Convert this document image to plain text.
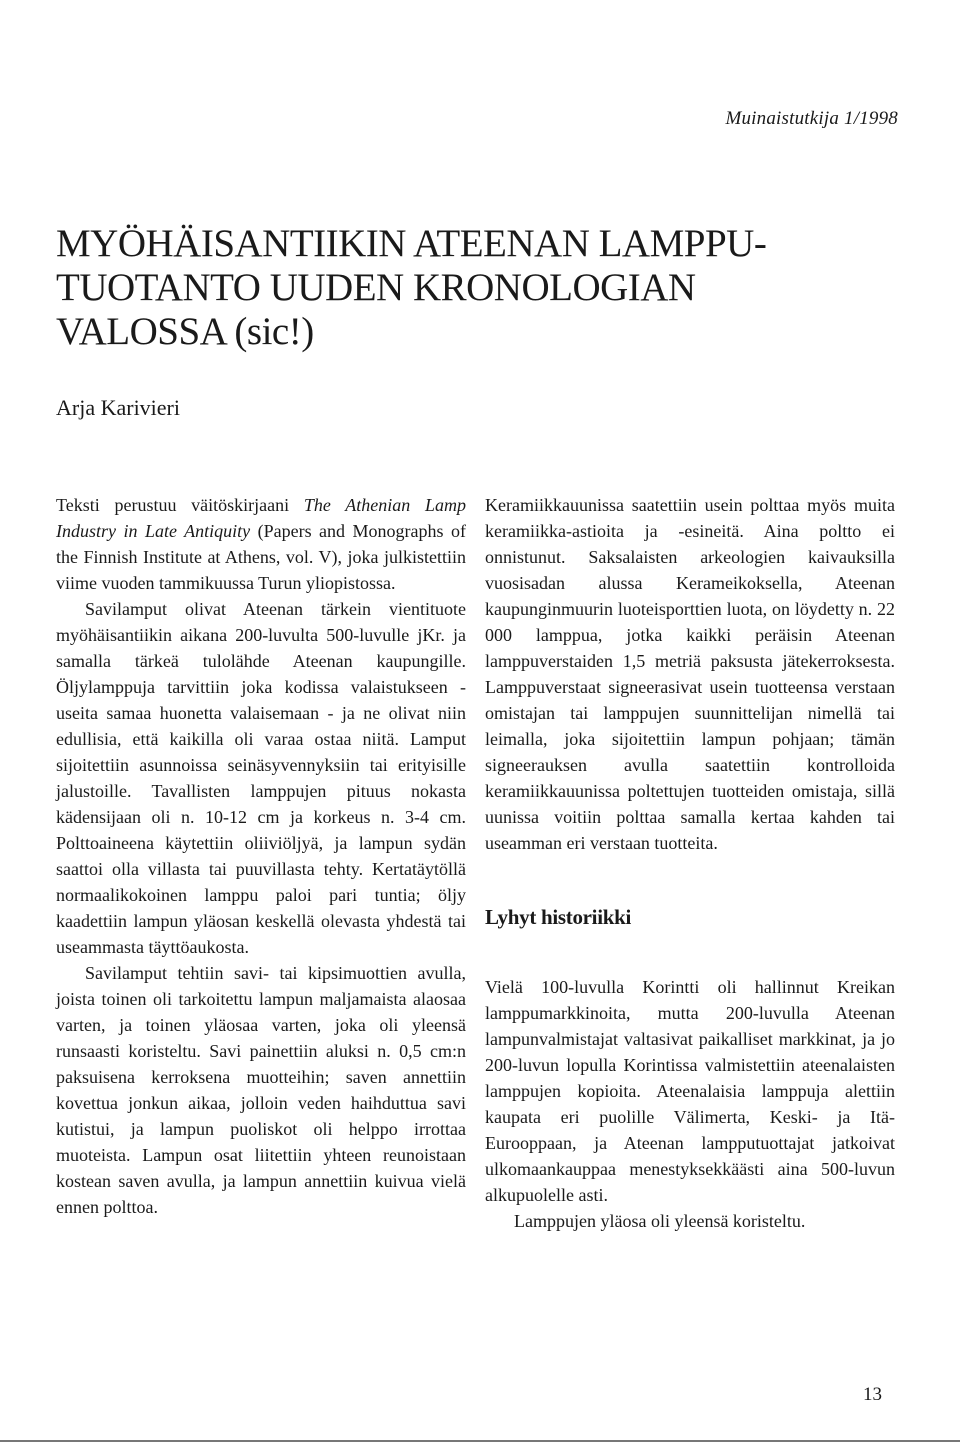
Muinaistutkija 1/1998
MYÖHÄISANTIIKIN ATEENAN LAMPPU-
TUOTANTO UUDEN KRONOLOGIAN
VALOSSA (sic!)
Arja Karivieri

Teksti perustuu väitöskirjaani The Athenian Lamp Industry in Late Antiquity (Papers and Monographs of the Finnish Institute at Athens, vol. V), joka julkistettiin viime vuoden tammikuussa Turun yliopistossa.

Savilamput olivat Ateenan tärkein vientituote myöhäisantiikin aikana 200-luvulta 500-luvulle jKr. ja samalla tärkeä tulolähde Ateenan kaupungille. Öljylamppuja tarvittiin joka kodissa valaistukseen - useita samaa huonetta valaisemaan - ja ne olivat niin edullisia, että kaikilla oli varaa ostaa niitä. Lamput sijoitettiin asunnoissa seinäsyvennyksiin tai erityisille jalustoille. Tavallisten lamppujen pituus nokasta kädensijaan oli n. 10-12 cm ja korkeus n. 3-4 cm. Polttoaineena käytettiin oliiviöljyä, ja lampun sydän saattoi olla villasta tai puuvillasta tehty. Kertatäytöllä normaalikokoinen lamppu paloi pari tuntia; öljy kaadettiin lampun yläosan keskellä olevasta yhdestä tai useammasta täyttöaukosta.

Savilamput tehtiin savi- tai kipsimuottien avulla, joista toinen oli tarkoitettu lampun maljamaista alaosaa varten, ja toinen yläosaa varten, joka oli yleensä runsaasti koristeltu. Savi painettiin aluksi n. 0,5 cm:n paksuisena kerroksena muotteihin; saven annettiin kovettua jonkun aikaa, jolloin veden haihduttua savi kutistui, ja lampun puoliskot oli helppo irrottaa muoteista. Lampun osat liitettiin yhteen reunoistaan kostean saven avulla, ja lampun annettiin kuivua vielä ennen polttoa.

Keramiikkauunissa saatettiin usein polttaa myös muita keramiikka-astioita ja -esineitä. Aina poltto ei onnistunut. Saksalaisten arkeologien kaivauksilla vuosisadan alussa Kerameikoksella, Ateenan kaupunginmuurin luoteisporttien luota, on löydetty n. 22 000 lamppua, jotka kaikki peräisin Ateenan lamppuverstaiden 1,5 metriä paksusta jätekerroksesta. Lamppuverstaat signeerasivat usein tuotteensa verstaan omistajan tai lamppujen suunnittelijan nimellä tai leimalla, joka sijoitettiin lampun pohjaan; tämän signeerauksen avulla saatettiin kontrolloida keramiikkauunissa poltettujen tuotteiden omistaja, sillä uunissa voitiin polttaa samalla kertaa kahden tai useamman eri verstaan tuotteita.

Lyhyt historiikki

Vielä 100-luvulla Korintti oli hallinnut Kreikan lamppumarkkinoita, mutta 200-luvulla Ateenan lampunvalmistajat valtasivat paikalliset markkinat, ja jo 200-luvun lopulla Korintissa valmistettiin ateenalaisten lamppujen kopioita. Ateenalaisia lamppuja alettiin kaupata eri puolille Välimerta, Keski- ja Itä-Eurooppaan, ja Ateenan lampputuottajat jatkoivat ulkomaankauppaa menestyksekkäästi aina 500-luvun alkupuolelle asti.

Lamppujen yläosa oli yleensä koristeltu.

13
